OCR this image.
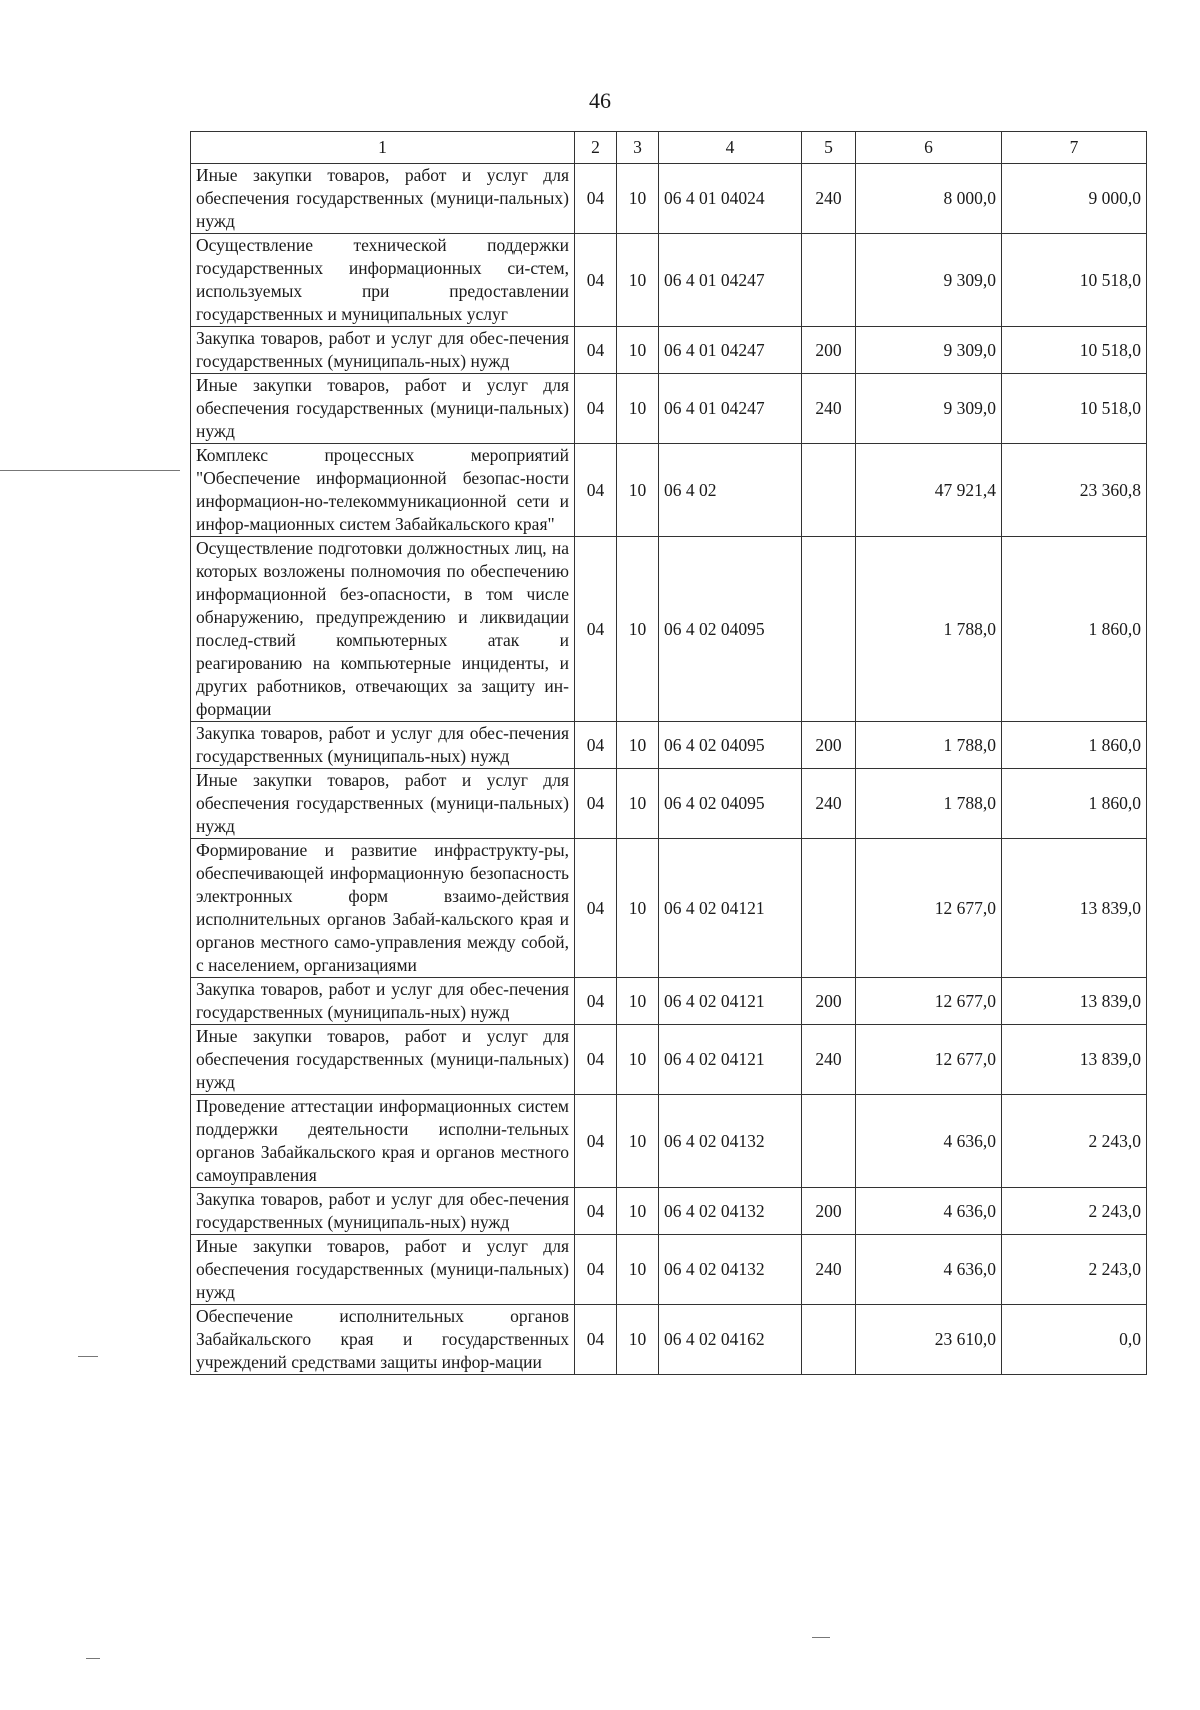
46
1	2	3	4	5	6	7
Иные закупки товаров, работ и услуг для обеспечения государственных (муници-пальных) нужд	04	10	06 4 01 04024	240	8 000,0	9 000,0
Осуществление технической поддержки государственных информационных си-стем, используемых при предоставлении государственных и муниципальных услуг	04	10	06 4 01 04247		9 309,0	10 518,0
Закупка товаров, работ и услуг для обес-печения государственных (муниципаль-ных) нужд	04	10	06 4 01 04247	200	9 309,0	10 518,0
Иные закупки товаров, работ и услуг для обеспечения государственных (муници-пальных) нужд	04	10	06 4 01 04247	240	9 309,0	10 518,0
Комплекс процессных мероприятий "Обеспечение информационной безопас-ности информацион-но-телекоммуникационной сети и инфор-мационных систем Забайкальского края"	04	10	06 4 02		47 921,4	23 360,8
Осуществление подготовки должностных лиц, на которых возложены полномочия по обеспечению информационной без-опасности, в том числе обнаружению, предупреждению и ликвидации послед-ствий компьютерных атак и реагированию на компьютерные инциденты, и других работников, отвечающих за защиту ин-формации	04	10	06 4 02 04095		1 788,0	1 860,0
Закупка товаров, работ и услуг для обес-печения государственных (муниципаль-ных) нужд	04	10	06 4 02 04095	200	1 788,0	1 860,0
Иные закупки товаров, работ и услуг для обеспечения государственных (муници-пальных) нужд	04	10	06 4 02 04095	240	1 788,0	1 860,0
Формирование и развитие инфраструкту-ры, обеспечивающей информационную безопасность электронных форм взаимо-действия исполнительных органов Забай-кальского края и органов местного само-управления между собой, с населением, организациями	04	10	06 4 02 04121		12 677,0	13 839,0
Закупка товаров, работ и услуг для обес-печения государственных (муниципаль-ных) нужд	04	10	06 4 02 04121	200	12 677,0	13 839,0
Иные закупки товаров, работ и услуг для обеспечения государственных (муници-пальных) нужд	04	10	06 4 02 04121	240	12 677,0	13 839,0
Проведение аттестации информационных систем поддержки деятельности исполни-тельных органов Забайкальского края и органов местного самоуправления	04	10	06 4 02 04132		4 636,0	2 243,0
Закупка товаров, работ и услуг для обес-печения государственных (муниципаль-ных) нужд	04	10	06 4 02 04132	200	4 636,0	2 243,0
Иные закупки товаров, работ и услуг для обеспечения государственных (муници-пальных) нужд	04	10	06 4 02 04132	240	4 636,0	2 243,0
Обеспечение исполнительных органов Забайкальского края и государственных учреждений средствами защиты инфор-мации	04	10	06 4 02 04162		23 610,0	0,0
